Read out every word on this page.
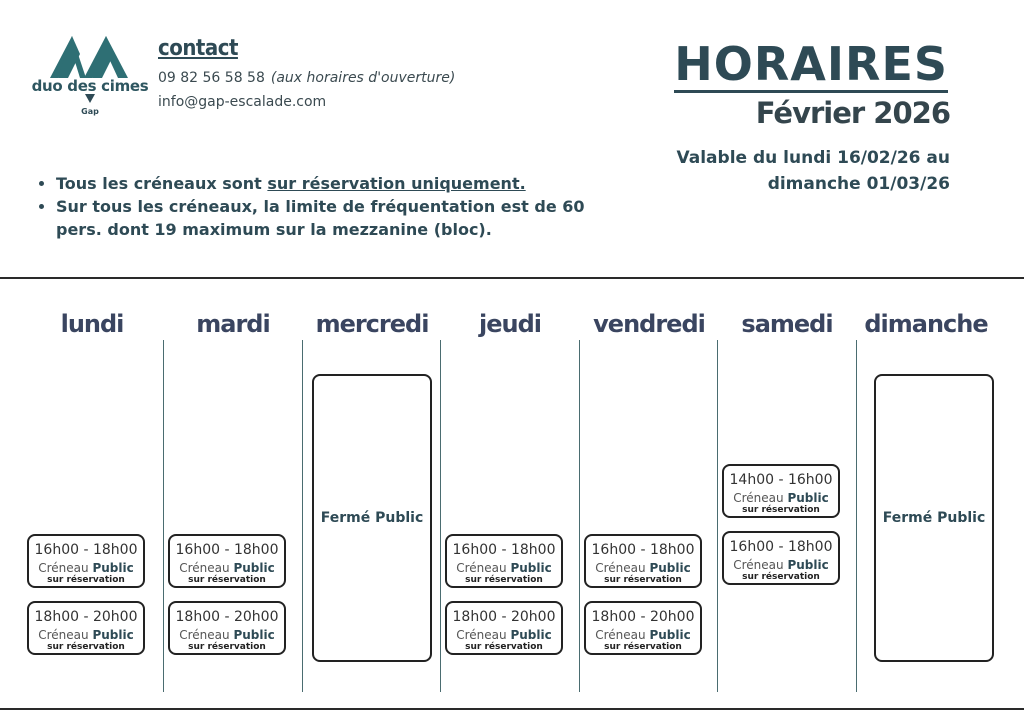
duo des cimes
Gap
contact
09 82 56 58 58 (aux horaires d'ouverture)
info@gap-escalade.com
HORAIRES
Février 2026
Valable du lundi 16/02/26 au
dimanche 01/03/26
• Tous les créneaux sont sur réservation uniquement.
• Sur tous les créneaux, la limite de fréquentation est de 60 pers. dont 19 maximum sur la mezzanine (bloc).
lundi
16h00 - 18h00
Créneau Public
sur réservation
18h00 - 20h00
Créneau Public
sur réservation
mardi
16h00 - 18h00
Créneau Public
sur réservation
18h00 - 20h00
Créneau Public
sur réservation
mercredi
Fermé Public
jeudi
16h00 - 18h00
Créneau Public
sur réservation
18h00 - 20h00
Créneau Public
sur réservation
vendredi
16h00 - 18h00
Créneau Public
sur réservation
18h00 - 20h00
Créneau Public
sur réservation
samedi
14h00 - 16h00
Créneau Public
sur réservation
16h00 - 18h00
Créneau Public
sur réservation
dimanche
Fermé Public
